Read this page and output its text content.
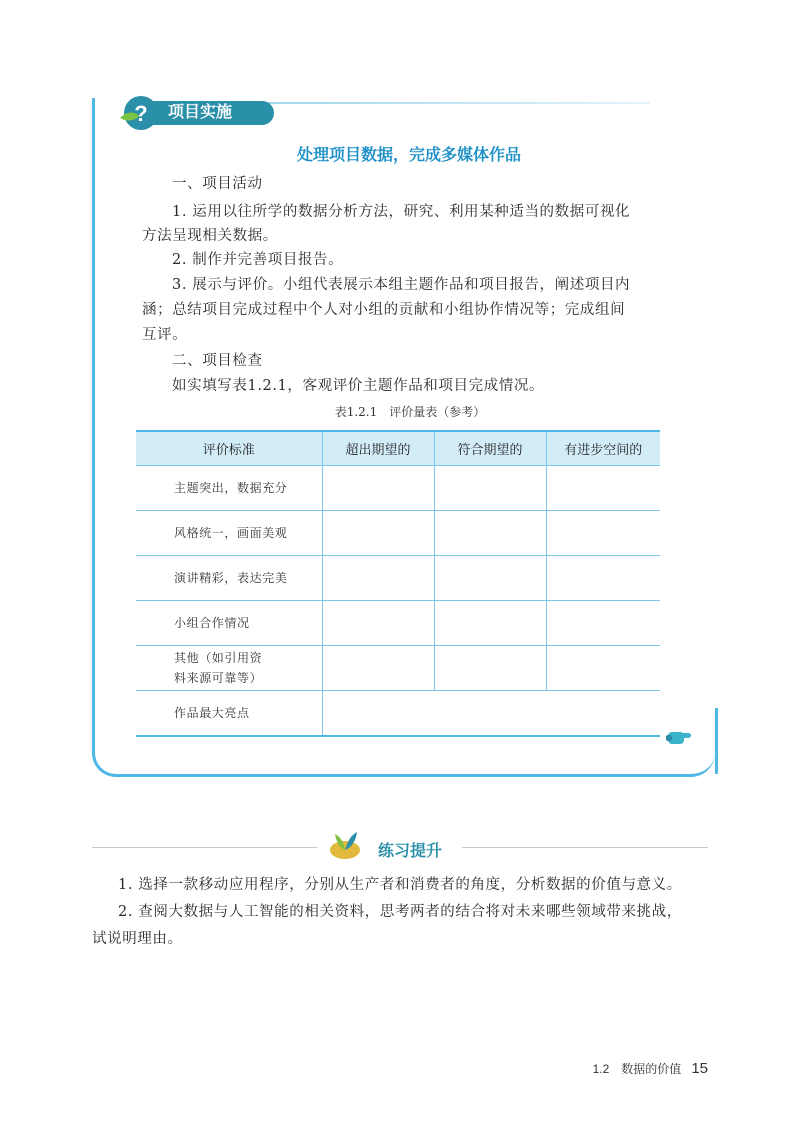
项目实施
?
处理项目数据，完成多媒体作品
一、项目活动
1. 运用以往所学的数据分析方法，研究、利用某种适当的数据可视化
方法呈现相关数据。
2. 制作并完善项目报告。
3. 展示与评价。小组代表展示本组主题作品和项目报告，阐述项目内
涵；总结项目完成过程中个人对小组的贡献和小组协作情况等；完成组间
互评。
二、项目检查
如实填写表1.2.1，客观评价主题作品和项目完成情况。
表1.2.1　评价量表（参考）
评价标准	超出期望的	符合期望的	有进步空间的
主题突出，数据充分			
风格统一，画面美观			
演讲精彩，表达完美			
小组合作情况			
其他（如引用资料来源可靠等）			
作品最大亮点			
练习提升
1. 选择一款移动应用程序，分别从生产者和消费者的角度，分析数据的价值与意义。
2. 查阅大数据与人工智能的相关资料，思考两者的结合将对未来哪些领域带来挑战，
试说明理由。
1.2　数据的价值 15
